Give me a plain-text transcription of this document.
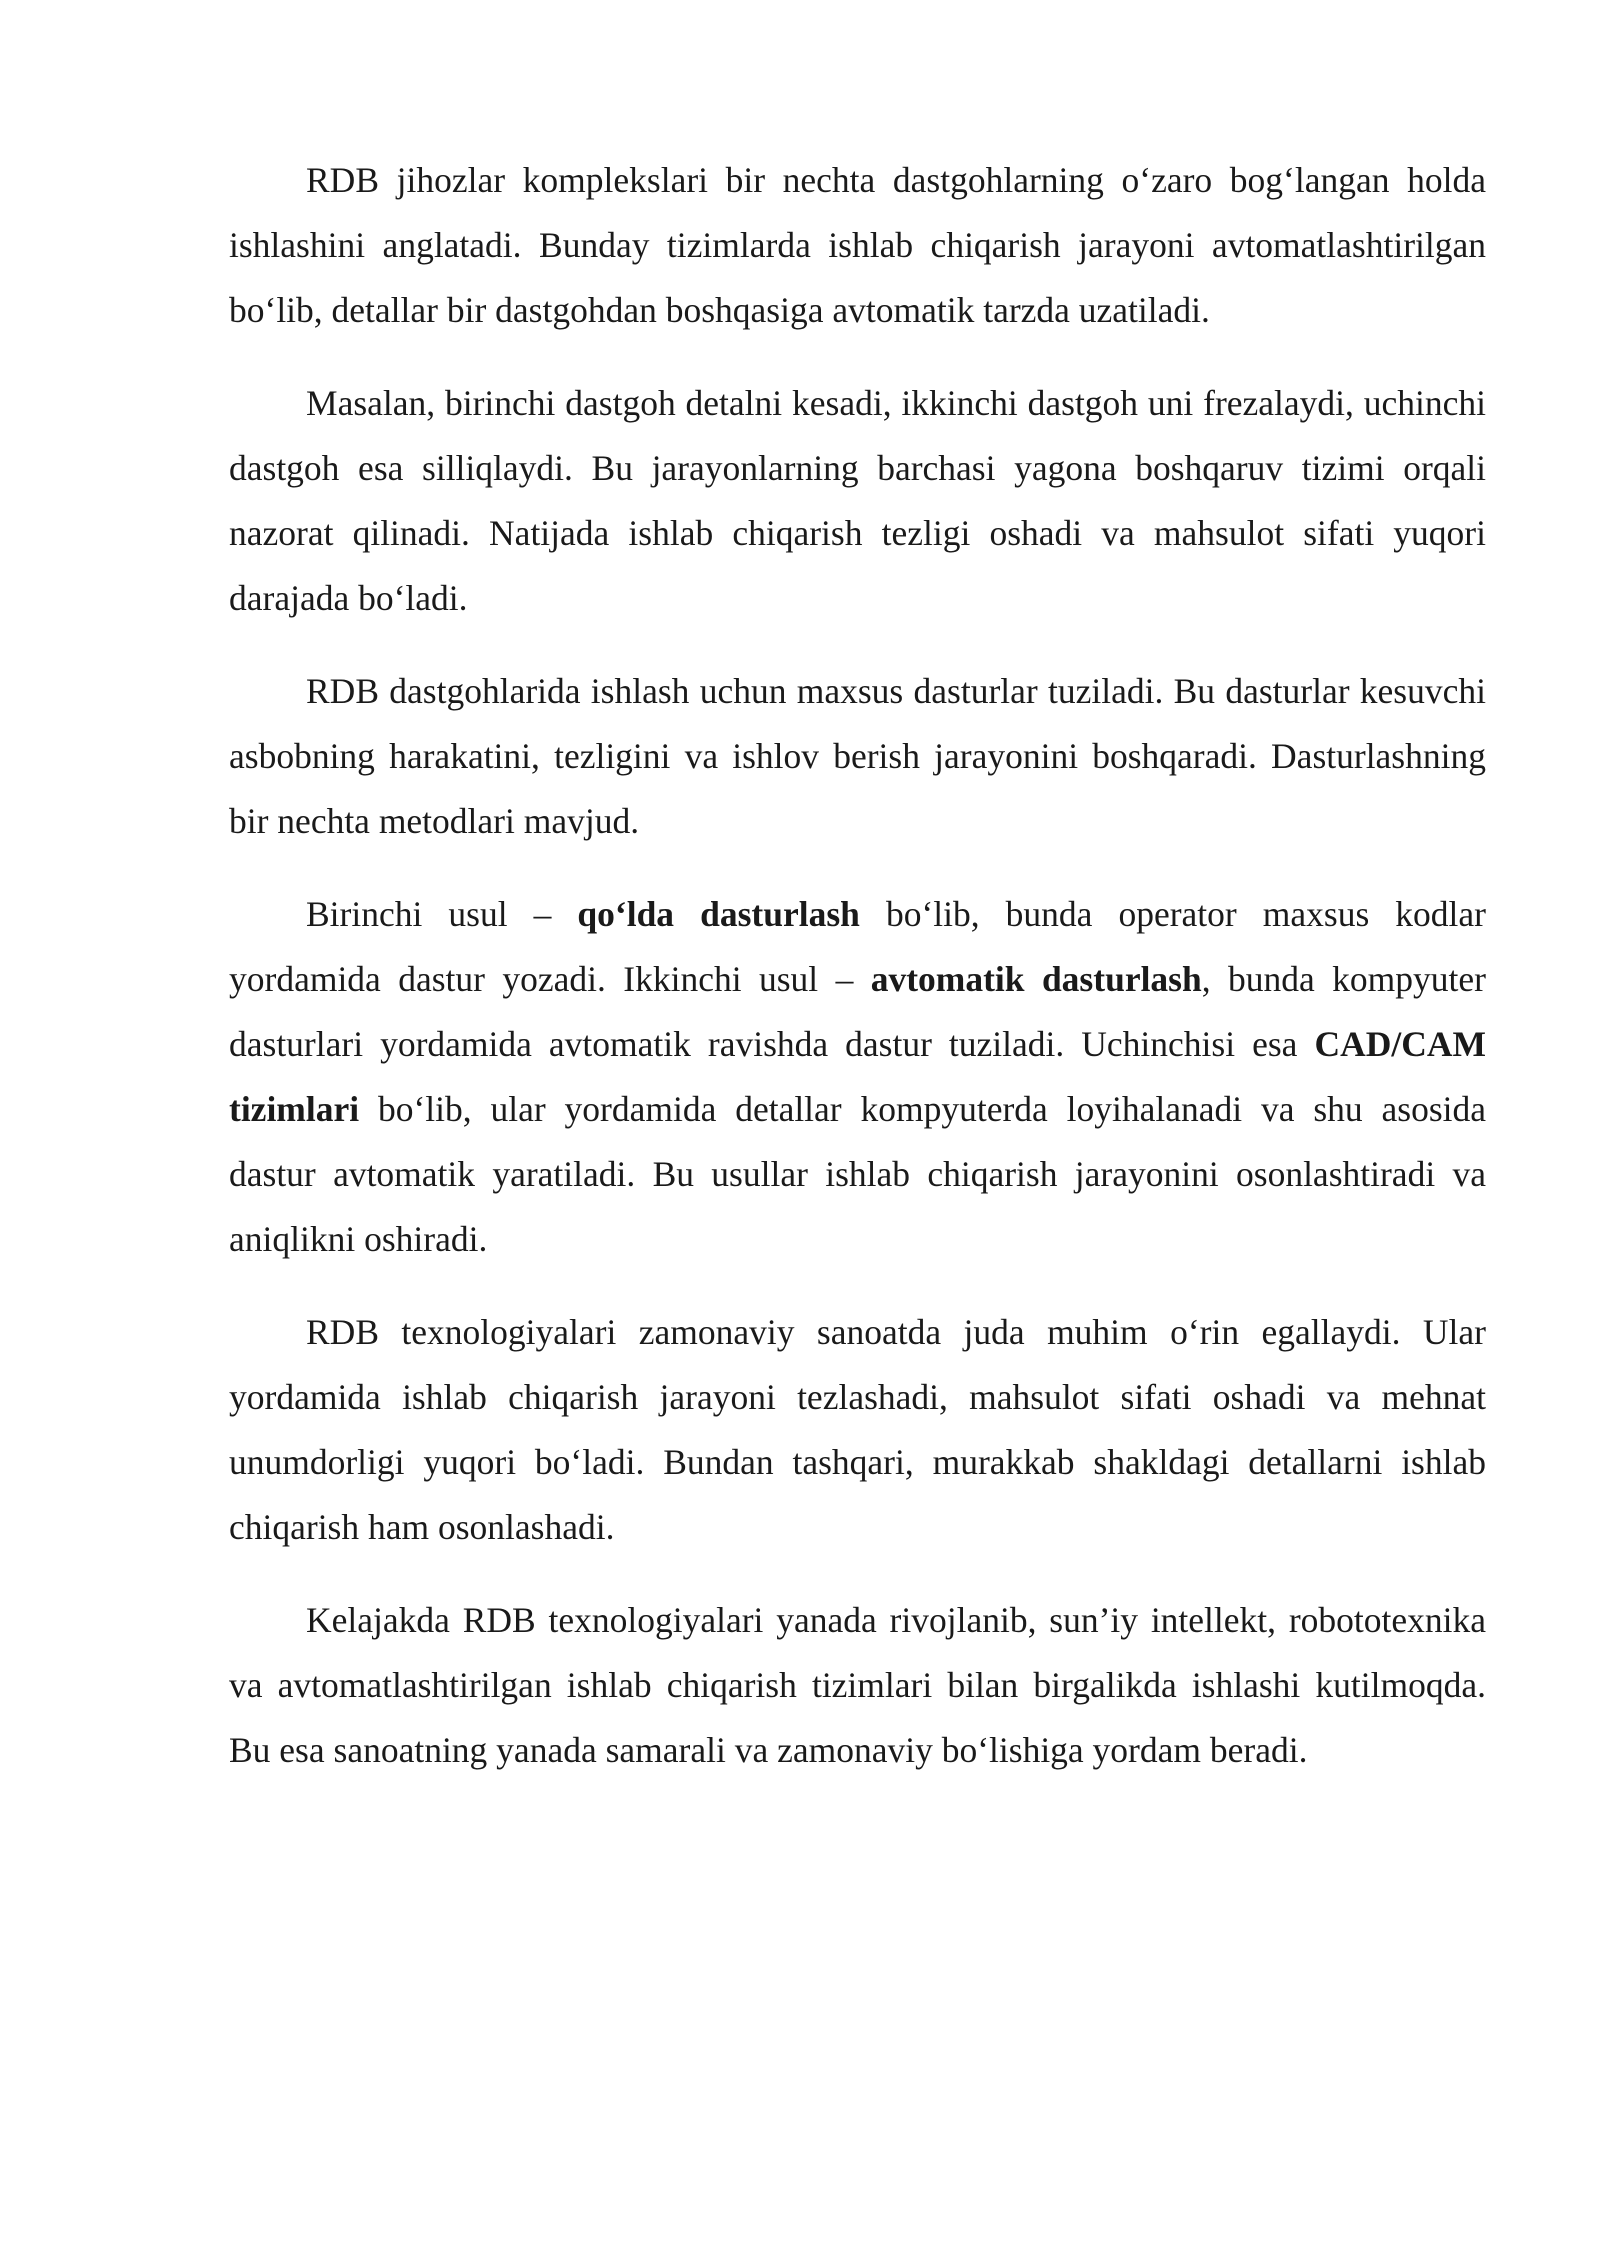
RDB jihozlar komplekslari bir nechta dastgohlarning o‘zaro bog‘langan holda ishlashini anglatadi. Bunday tizimlarda ishlab chiqarish jarayoni avtomatlashtirilgan bo‘lib, detallar bir dastgohdan boshqasiga avtomatik tarzda uzatiladi.

Masalan, birinchi dastgoh detalni kesadi, ikkinchi dastgoh uni frezalaydi, uchinchi dastgoh esa silliqlaydi. Bu jarayonlarning barchasi yagona boshqaruv tizimi orqali nazorat qilinadi. Natijada ishlab chiqarish tezligi oshadi va mahsulot sifati yuqori darajada bo‘ladi.

RDB dastgohlarida ishlash uchun maxsus dasturlar tuziladi. Bu dasturlar kesuvchi asbobning harakatini, tezligini va ishlov berish jarayonini boshqaradi. Dasturlashning bir nechta metodlari mavjud.

Birinchi usul – qo‘lda dasturlash bo‘lib, bunda operator maxsus kodlar yordamida dastur yozadi. Ikkinchi usul – avtomatik dasturlash, bunda kompyuter dasturlari yordamida avtomatik ravishda dastur tuziladi. Uchinchisi esa CAD/CAM tizimlari bo‘lib, ular yordamida detallar kompyuterda loyihalanadi va shu asosida dastur avtomatik yaratiladi. Bu usullar ishlab chiqarish jarayonini osonlashtiradi va aniqlikni oshiradi.

RDB texnologiyalari zamonaviy sanoatda juda muhim o‘rin egallaydi. Ular yordamida ishlab chiqarish jarayoni tezlashadi, mahsulot sifati oshadi va mehnat unumdorligi yuqori bo‘ladi. Bundan tashqari, murakkab shakldagi detallarni ishlab chiqarish ham osonlashadi.

Kelajakda RDB texnologiyalari yanada rivojlanib, sun’iy intellekt, robototexnika va avtomatlashtirilgan ishlab chiqarish tizimlari bilan birgalikda ishlashi kutilmoqda. Bu esa sanoatning yanada samarali va zamonaviy bo‘lishiga yordam beradi.
